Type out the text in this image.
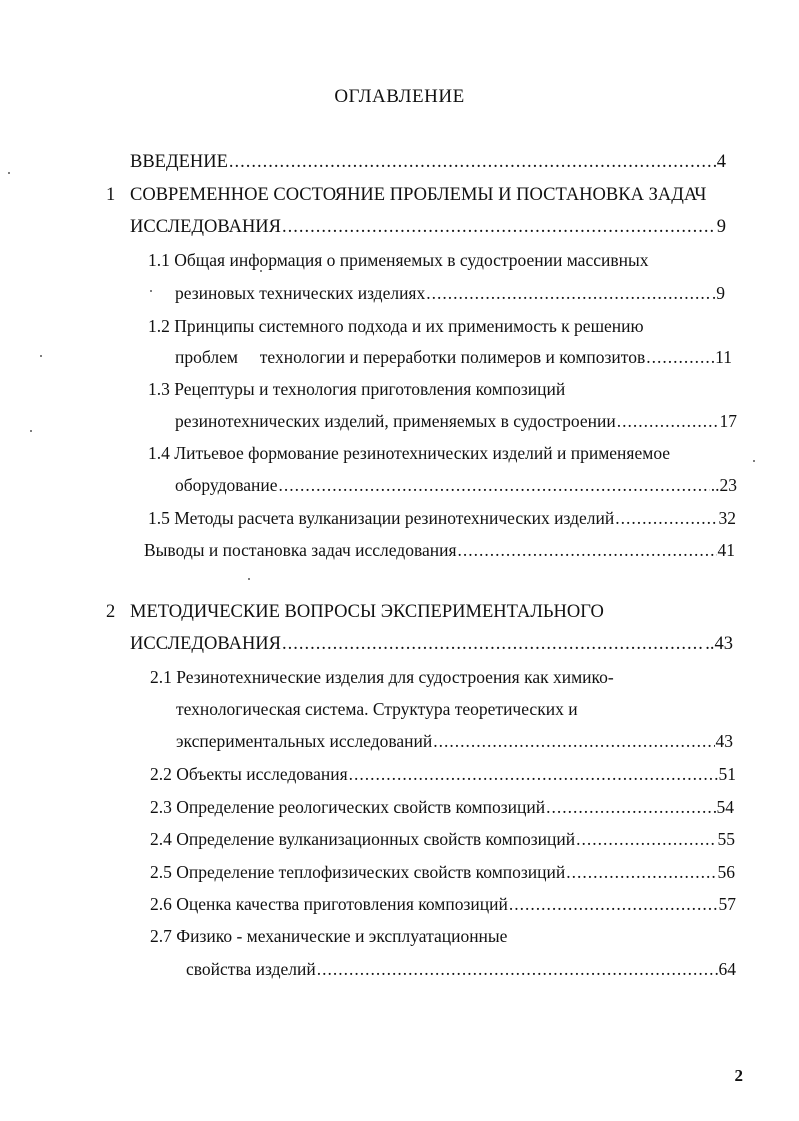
ОГЛАВЛЕНИЕ
ВВЕДЕНИЕ .....	4
1 СОВРЕМЕННОЕ СОСТОЯНИЕ ПРОБЛЕМЫ И ПОСТАНОВКА ЗАДАЧ
ИССЛЕДОВАНИЯ .....	9
1.1 Общая информация о применяемых в судостроении массивных
резиновых технических изделиях .....	.9
1.2 Принципы системного подхода и их применимость к решению
проблем     технологии и переработки полимеров и композитов .....	11
1.3 Рецептуры и технология приготовления композиций
резинотехнических изделий, применяемых в судостроении .....	17
1.4 Литьевое формование резинотехнических изделий и применяемое
оборудование .....	..23
1.5 Методы расчета вулканизации резинотехнических изделий .....	32
Выводы и постановка задач исследования .....	41
2 МЕТОДИЧЕСКИЕ ВОПРОСЫ ЭКСПЕРИМЕНТАЛЬНОГО
ИССЛЕДОВАНИЯ .....	..43
2.1 Резинотехнические изделия для судостроения как химико-
технологическая система. Структура теоретических и
экспериментальных исследований .....	43
2.2 Объекты исследования .....	51
2.3 Определение реологических свойств композиций .....	54
2.4 Определение вулканизационных свойств композиций .....	55
2.5 Определение теплофизических свойств композиций .....	56
2.6 Оценка качества приготовления композиций .....	57
2.7 Физико - механические и эксплуатационные
свойства изделий .....	64
2
